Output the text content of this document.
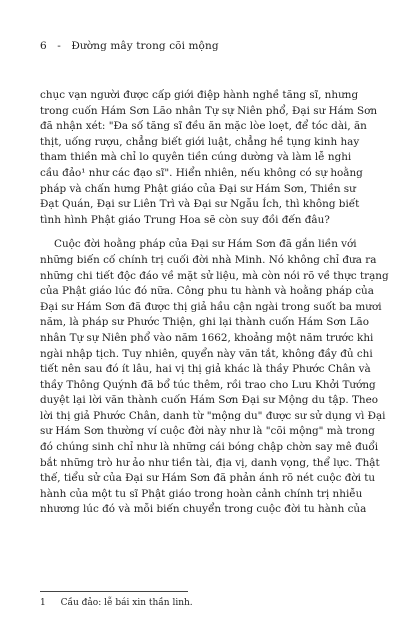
6 - Đường mây trong cõi mộng
chục vạn người được cấp giới điệp hành nghề tăng sĩ, nhưng
trong cuốn Hám Sơn Lão nhân Tự sự Niên phổ, Đại sư Hám Sơn
đã nhận xét: "Đa số tăng sĩ đều ăn mặc lòe loẹt, để tóc dài, ăn
thịt, uống rượu, chẳng biết giới luật, chẳng hề tụng kinh hay
tham thiền mà chỉ lo quyên tiền cúng dường và làm lễ nghi
cầu đảo¹ như các đạo sĩ". Hiển nhiên, nếu không có sự hoằng
pháp và chấn hưng Phật giáo của Đại sư Hám Sơn, Thiền sư
Đạt Quán, Đại sư Liên Trì và Đại sư Ngẫu Ích, thì không biết
tình hình Phật giáo Trung Hoa sẽ còn suy đồi đến đâu?
Cuộc đời hoằng pháp của Đại sư Hám Sơn đã gắn liền với
những biến cố chính trị cuối đời nhà Minh. Nó không chỉ đưa ra
những chi tiết độc đáo về mặt sử liệu, mà còn nói rõ về thực trạng
của Phật giáo lúc đó nữa. Công phu tu hành và hoằng pháp của
Đại sư Hám Sơn đã được thị giả hầu cận ngài trong suốt ba mươi
năm, là pháp sư Phước Thiện, ghi lại thành cuốn Hám Sơn Lão
nhân Tự sự Niên phổ vào năm 1662, khoảng một năm trước khi
ngài nhập tịch. Tuy nhiên, quyển này văn tắt, không đầy đủ chi
tiết nên sau đó ít lâu, hai vị thị giả khác là thầy Phước Chân và
thầy Thông Quýnh đã bổ túc thêm, rồi trao cho Lưu Khởi Tướng
duyệt lại lời văn thành cuốn Hám Sơn Đại sư Mộng du tập. Theo
lời thị giả Phước Chân, danh từ "mộng du" được sư sử dụng vì Đại
sư Hám Sơn thường ví cuộc đời này như là "cõi mộng" mà trong
đó chúng sinh chỉ như là những cái bóng chập chờn say mê đuổi
bắt những trò hư ảo như tiền tài, địa vị, danh vọng, thể lực. Thật
thế, tiểu sử của Đại sư Hám Sơn đã phản ánh rõ nét cuộc đời tu
hành của một tu sĩ Phật giáo trong hoàn cảnh chính trị nhiễu
nhương lúc đó và mỗi biến chuyển trong cuộc đời tu hành của
1 Cầu đảo: lễ bái xin thần linh.
